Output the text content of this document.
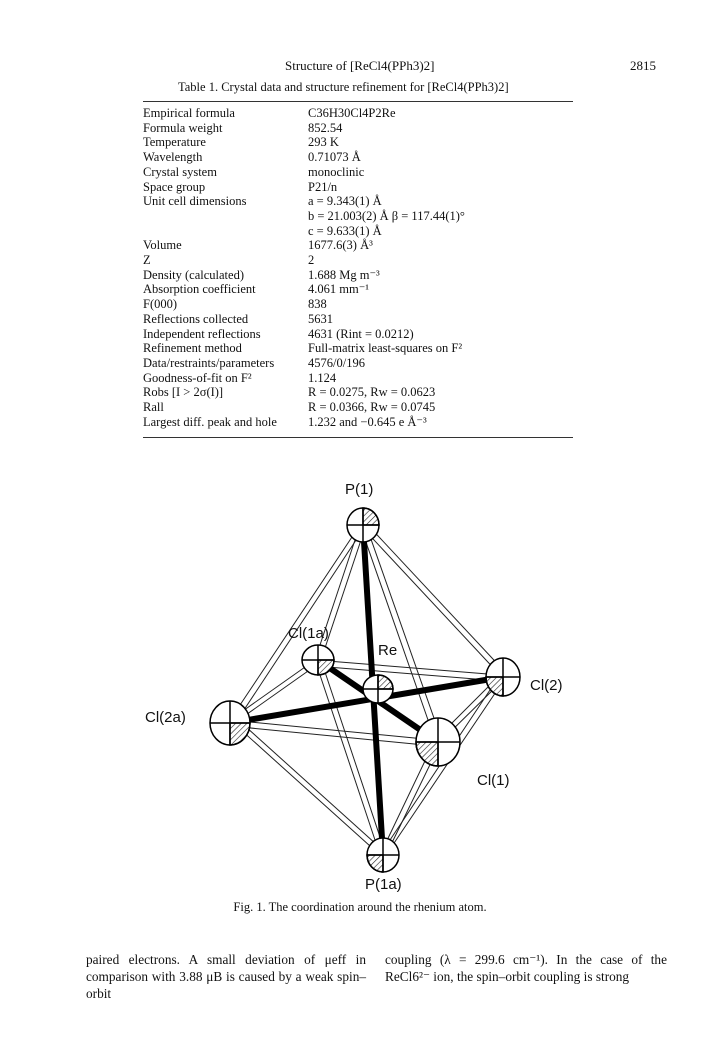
Structure of [ReCl4(PPh3)2]	2815
Table 1. Crystal data and structure refinement for [ReCl4(PPh3)2]
Empirical formula	C36H30Cl4P2Re
Formula weight	852.54
Temperature	293 K
Wavelength	0.71073 Å
Crystal system	monoclinic
Space group	P21/n
Unit cell dimensions	a = 9.343(1) Å
	b = 21.003(2) Å β = 117.44(1)°
	c = 9.633(1) Å
Volume	1677.6(3) Å³
Z	2
Density (calculated)	1.688 Mg m⁻³
Absorption coefficient	4.061 mm⁻¹
F(000)	838
Reflections collected	5631
Independent reflections	4631 (Rint = 0.0212)
Refinement method	Full-matrix least-squares on F²
Data/restraints/parameters	4576/0/196
Goodness-of-fit on F²	1.124
Robs [I > 2σ(I)]	R = 0.0275, Rw = 0.0623
Rall	R = 0.0366, Rw = 0.0745
Largest diff. peak and hole	1.232 and −0.645 e Å⁻³
P(1)
P(1a)
Re
Cl(1a)
Cl(2)
Cl(2a)
Cl(1)
Fig. 1. The coordination around the rhenium atom.
paired electrons. A small deviation of μeff in comparison with 3.88 μB is caused by a weak spin–orbit
coupling (λ = 299.6 cm⁻¹). In the case of the ReCl6²⁻ ion, the spin–orbit coupling is strong
